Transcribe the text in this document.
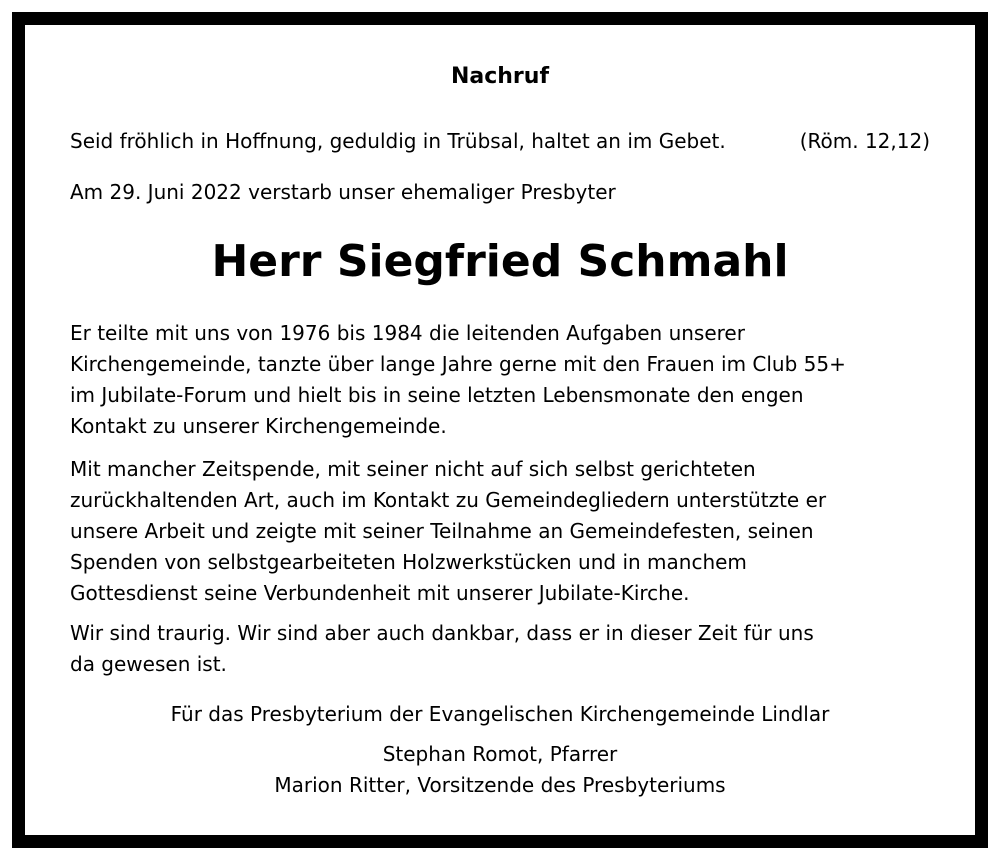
Nachruf
Seid fröhlich in Hoffnung, geduldig in Trübsal, haltet an im Gebet.	(Röm. 12,12)
Am 29. Juni 2022 verstarb unser ehemaliger Presbyter
Herr Siegfried Schmahl
Er teilte mit uns von 1976 bis 1984 die leitenden Aufgaben unserer
Kirchengemeinde, tanzte über lange Jahre gerne mit den Frauen im Club 55+
im Jubilate-Forum und hielt bis in seine letzten Lebensmonate den engen
Kontakt zu unserer Kirchengemeinde.
Mit mancher Zeitspende, mit seiner nicht auf sich selbst gerichteten
zurückhaltenden Art, auch im Kontakt zu Gemeindegliedern unterstützte er
unsere Arbeit und zeigte mit seiner Teilnahme an Gemeindefesten, seinen
Spenden von selbstgearbeiteten Holzwerkstücken und in manchem
Gottesdienst seine Verbundenheit mit unserer Jubilate-Kirche.
Wir sind traurig. Wir sind aber auch dankbar, dass er in dieser Zeit für uns
da gewesen ist.
Für das Presbyterium der Evangelischen Kirchengemeinde Lindlar
Stephan Romot, Pfarrer
Marion Ritter, Vorsitzende des Presbyteriums
